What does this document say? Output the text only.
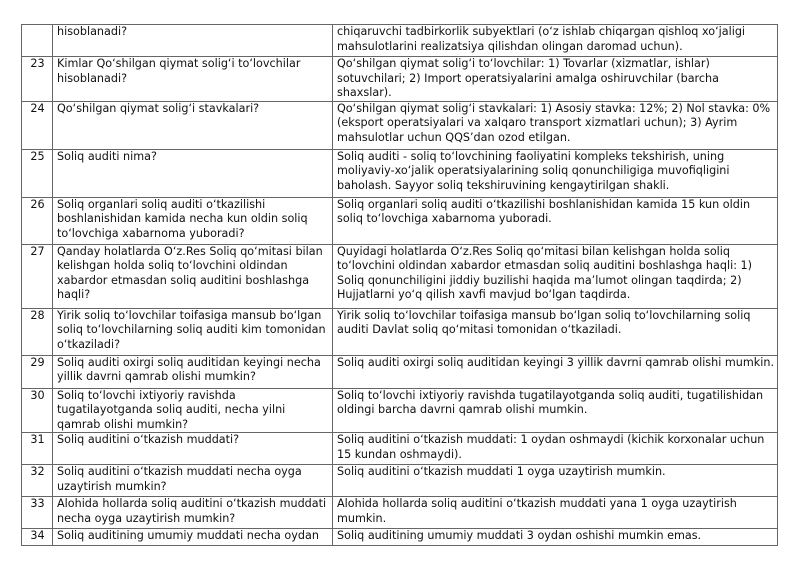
	hisoblanadi?	chiqaruvchi tadbirkorlik subyektlari (o‘z ishlab chiqargan qishloq xo‘jaligi mahsulotlarini realizatsiya qilishdan olingan daromad uchun).
23	Kimlar Qo‘shilgan qiymat solig‘i to‘lovchilar hisoblanadi?	Qo‘shilgan qiymat solig‘i to‘lovchilar: 1) Tovarlar (xizmatlar, ishlar) sotuvchilari; 2) Import operatsiyalarini amalga oshiruvchilar (barcha shaxslar).
24	Qo‘shilgan qiymat solig‘i stavkalari?	Qo‘shilgan qiymat solig‘i stavkalari: 1) Asosiy stavka: 12%; 2) Nol stavka: 0% (eksport operatsiyalari va xalqaro transport xizmatlari uchun); 3) Ayrim mahsulotlar uchun QQS’dan ozod etilgan.
25	Soliq auditi nima?	Soliq auditi - soliq to‘lovchining faoliyatini kompleks tekshirish, uning moliyaviy-xo‘jalik operatsiyalarining soliq qonunchiligiga muvofiqligini baholash. Sayyor soliq tekshiruvining kengaytirilgan shakli.
26	Soliq organlari soliq auditi o‘tkazilishi boshlanishidan kamida necha kun oldin soliq to‘lovchiga xabarnoma yuboradi?	Soliq organlari soliq auditi o‘tkazilishi boshlanishidan kamida 15 kun oldin soliq to‘lovchiga xabarnoma yuboradi.
27	Qanday holatlarda O‘z.Res Soliq qo‘mitasi bilan kelishgan holda soliq to‘lovchini oldindan xabardor etmasdan soliq auditini boshlashga haqli?	Quyidagi holatlarda O‘z.Res Soliq qo‘mitasi bilan kelishgan holda soliq to‘lovchini oldindan xabardor etmasdan soliq auditini boshlashga haqli: 1) Soliq qonunchiligini jiddiy buzilishi haqida ma’lumot olingan taqdirda; 2) Hujjatlarni yo‘q qilish xavfi mavjud bo‘lgan taqdirda.
28	Yirik soliq to‘lovchilar toifasiga mansub bo‘lgan soliq to‘lovchilarning soliq auditi kim tomonidan o‘tkaziladi?	Yirik soliq to‘lovchilar toifasiga mansub bo‘lgan soliq to‘lovchilarning soliq auditi Davlat soliq qo‘mitasi tomonidan o‘tkaziladi.
29	Soliq auditi oxirgi soliq auditidan keyingi necha yillik davrni qamrab olishi mumkin?	Soliq auditi oxirgi soliq auditidan keyingi 3 yillik davrni qamrab olishi mumkin.
30	Soliq to‘lovchi ixtiyoriy ravishda tugatilayotganda soliq auditi, necha yilni qamrab olishi mumkin?	Soliq to‘lovchi ixtiyoriy ravishda tugatilayotganda soliq auditi, tugatilishidan oldingi barcha davrni qamrab olishi mumkin.
31	Soliq auditini o‘tkazish muddati?	Soliq auditini o‘tkazish muddati: 1 oydan oshmaydi (kichik korxonalar uchun 15 kundan oshmaydi).
32	Soliq auditini o‘tkazish muddati necha oyga uzaytirish mumkin?	Soliq auditini o‘tkazish muddati 1 oyga uzaytirish mumkin.
33	Alohida hollarda soliq auditini o‘tkazish muddati necha oyga uzaytirish mumkin?	Alohida hollarda soliq auditini o‘tkazish muddati yana 1 oyga uzaytirish mumkin.
34	Soliq auditining umumiy muddati necha oydan	Soliq auditining umumiy muddati 3 oydan oshishi mumkin emas.
